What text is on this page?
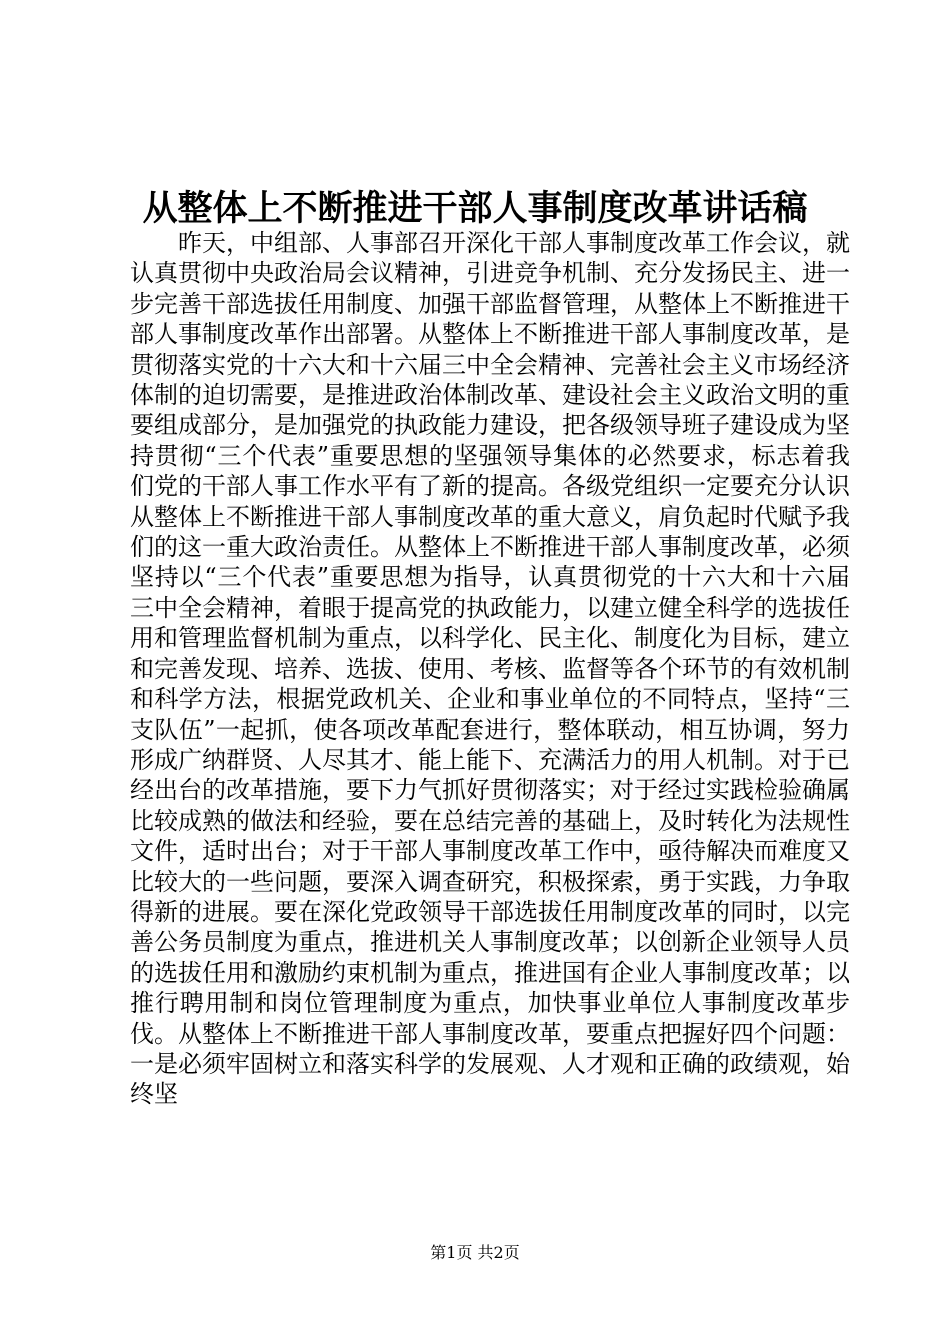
从整体上不断推进干部人事制度改革讲话稿

昨天，中组部、人事部召开深化干部人事制度改革工作会议，就认真贯彻中央政治局会议精神，引进竞争机制、充分发扬民主、进一步完善干部选拔任用制度、加强干部监督管理，从整体上不断推进干部人事制度改革作出部署。从整体上不断推进干部人事制度改革，是贯彻落实党的十六大和十六届三中全会精神、完善社会主义市场经济体制的迫切需要，是推进政治体制改革、建设社会主义政治文明的重要组成部分，是加强党的执政能力建设，把各级领导班子建设成为坚持贯彻“三个代表”重要思想的坚强领导集体的必然要求，标志着我们党的干部人事工作水平有了新的提高。各级党组织一定要充分认识从整体上不断推进干部人事制度改革的重大意义，肩负起时代赋予我们的这一重大政治责任。从整体上不断推进干部人事制度改革，必须坚持以“三个代表”重要思想为指导，认真贯彻党的十六大和十六届三中全会精神，着眼于提高党的执政能力，以建立健全科学的选拔任用和管理监督机制为重点，以科学化、民主化、制度化为目标，建立和完善发现、培养、选拔、使用、考核、监督等各个环节的有效机制和科学方法，根据党政机关、企业和事业单位的不同特点，坚持“三支队伍”一起抓，使各项改革配套进行，整体联动，相互协调，努力形成广纳群贤、人尽其才、能上能下、充满活力的用人机制。对于已经出台的改革措施，要下力气抓好贯彻落实；对于经过实践检验确属比较成熟的做法和经验，要在总结完善的基础上，及时转化为法规性文件，适时出台；对于干部人事制度改革工作中，亟待解决而难度又比较大的一些问题，要深入调查研究，积极探索，勇于实践，力争取得新的进展。要在深化党政领导干部选拔任用制度改革的同时，以完善公务员制度为重点，推进机关人事制度改革；以创新企业领导人员的选拔任用和激励约束机制为重点，推进国有企业人事制度改革；以推行聘用制和岗位管理制度为重点，加快事业单位人事制度改革步伐。从整体上不断推进干部人事制度改革，要重点把握好四个问题：一是必须牢固树立和落实科学的发展观、人才观和正确的政绩观，始终坚

第1页 共2页
